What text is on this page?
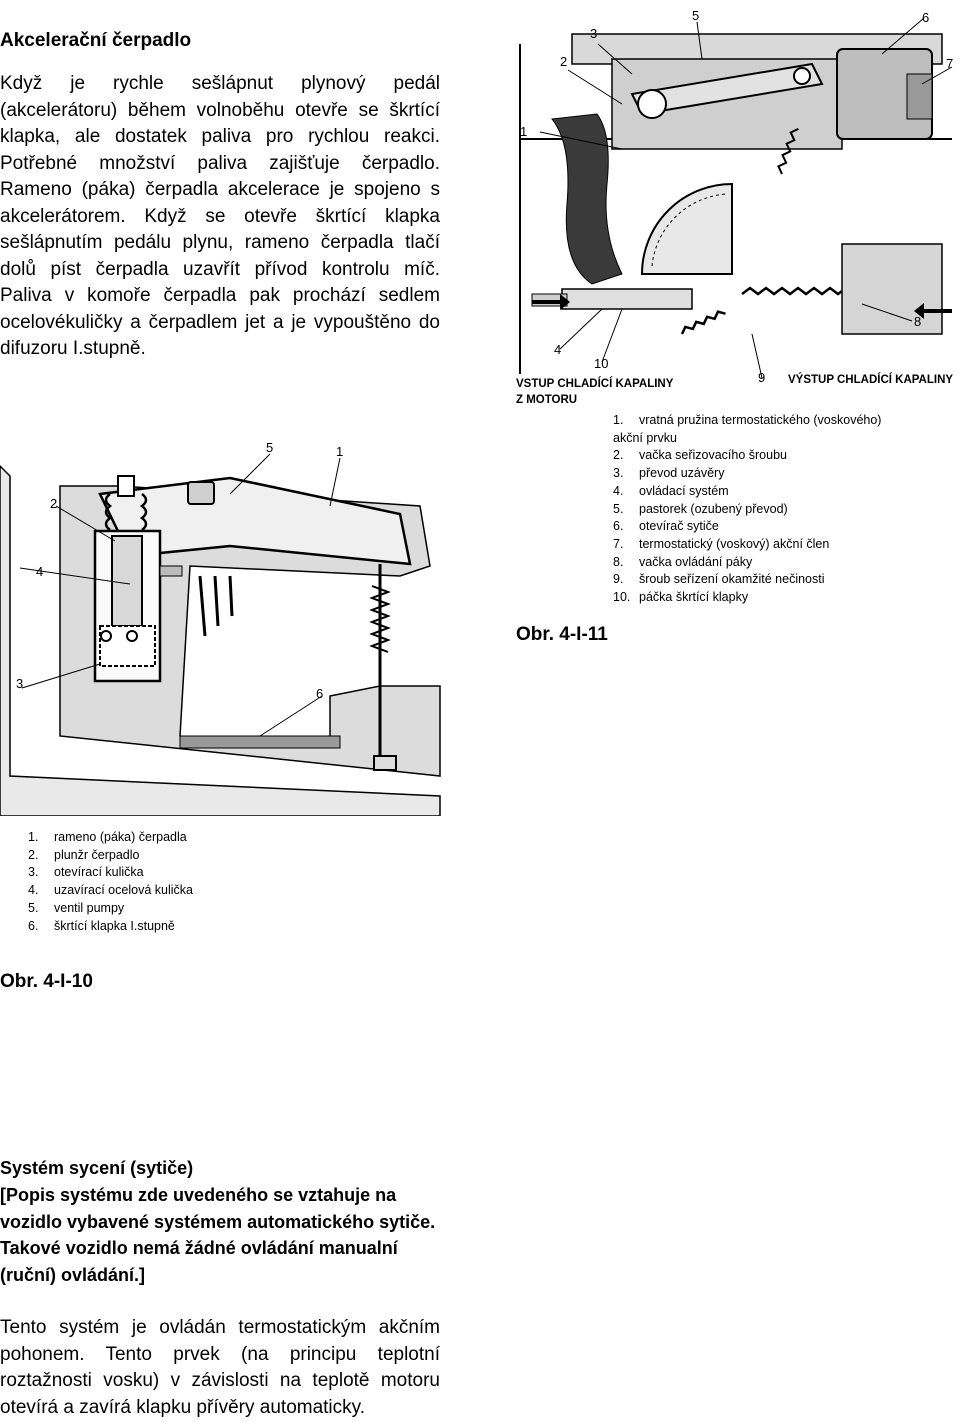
Akcelerační čerpadlo
Když je rychle sešlápnut plynový pedál (akcelerátoru) během volnoběhu otevře se škrtící klapka, ale dostatek paliva pro rychlou reakci. Potřebné množství paliva zajišťuje čerpadlo. Rameno (páka) čerpadla akcelerace je spojeno s akcelerátorem. Když se otevře škrtící klapka sešlápnutím pedálu plynu, rameno čerpadla tlačí dolů píst čerpadla uzavřít přívod kontrolu míč. Paliva v komoře čerpadla pak prochází sedlem ocelovékuličky a čerpadlem jet a je vypouštěno do difuzoru I.stupně.
1
2
3
5	6
7
8
4
10
9
VSTUP CHLADÍCÍ KAPALINY
Z MOTORU
VÝSTUP CHLADÍCÍ KAPALINY
1. vratná pružina termostatického (voskového) akční prvku
2. vačka seřizovacího šroubu
3. převod uzávěry
4. ovládací systém
5. pastorek (ozubený převod)
6. otevírač sytiče
7. termostatický (voskový) akční člen
8. vačka ovládání páky
9. šroub seřízení okamžité nečinosti
10. páčka škrtící klapky
Obr. 4-I-11
2
4
3
5	1
6
1. rameno (páka) čerpadla
2. plunžr čerpadlo
3. otevírací kulička
4. uzavírací ocelová kulička
5. ventil pumpy
6. škrtící klapka I.stupně
Obr. 4-I-10
Systém sycení (sytiče)
[Popis systému zde uvedeného se vztahuje na vozidlo vybavené systémem automatického sytiče. Takové vozidlo nemá žádné ovládání manualní (ruční) ovládání.]
Tento systém je ovládán termostatickým akčním pohonem. Tento prvek (na principu teplotní roztažnosti vosku) v závislosti na teplotě motoru otevírá a zavírá klapku přívěry automaticky.
